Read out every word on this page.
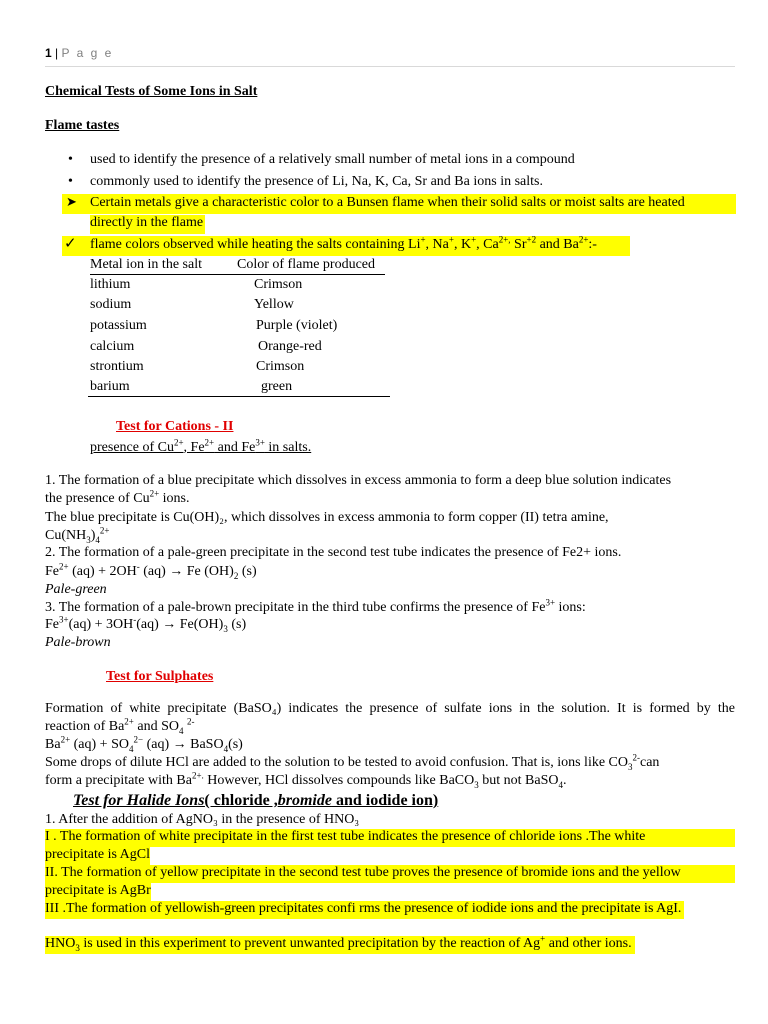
1 | P a g e
Chemical Tests of Some Ions in Salt
Flame tastes
• used to identify the presence of a relatively small number of metal ions in a compound
• commonly used to identify the presence of Li, Na, K, Ca, Sr and Ba ions in salts.
➤ Certain metals give a characteristic color to a Bunsen flame when their solid salts or moist salts are heated
directly in the flame
✓ flame colors observed while heating the salts containing Li+, Na+, K+, $Ca^{2+,}$ $Sr^{+2}$ and $Ba^{2+}:-$
Metal ion in the salt	Color of flame produced
lithium	Crimson
sodium	Yellow
potassium	Purple (violet)
calcium	Orange-red
strontium	Crimson
barium	green
Test for Cations - II
presence of $Cu^{2+}$, $Fe^{2+}$ and $Fe^{3+}$ in salts.
1. The formation of a blue precipitate which dissolves in excess ammonia to form a deep blue solution indicates
the presence of $Cu^{2+}$ ions.
The blue precipitate is Cu(OH)₂, which dissolves in excess ammonia to form copper (II) tetra amine,
$Cu(NH_3)_4^{2+}$
2. The formation of a pale-green precipitate in the second test tube indicates the presence of Fe2+ ions.
$Fe^{2+}$ (aq) + 2OH- (aq) → Fe $(OH)_2$ (s)
Pale-green
3. The formation of a pale-brown precipitate in the third tube confirms the presence of $Fe^{3+}$ ions:
$Fe^{3+}(aq) + 3OH^-(aq) \to Fe(OH)_3$ (s)
Pale-brown
Test for Sulphates
Formation of white precipitate (BaSO₄) indicates the presence of sulfate ions in the solution. It is formed by the
reaction of $Ba^{2+}$ and $SO_4$ $^{2-}$
$Ba^{2+}$ $(aq) + SO_4^{2-}$ (aq) → BaSO$_4$(s)
Some drops of dilute HCl are added to the solution to be tested to avoid confusion. That is, ions like $CO_3^{2-}can$
form a precipitate with $Ba^{2+.}$ However, HCl dissolves compounds like BaCO$_3$ but not BaSO$_4$.
Test for Halide Ions( chloride ,bromide and iodide ion)
1. After the addition of AgNO₃ in the presence of HNO₃
I . The formation of white precipitate in the first test tube indicates the presence of chloride ions .The white
precipitate is AgCl
II. The formation of yellow precipitate in the second test tube proves the presence of bromide ions and the yellow
precipitate is AgBr
III .The formation of yellowish-green precipitates confi rms the presence of iodide ions and the precipitate is AgI.
$HNO_3$ is used in this experiment to prevent unwanted precipitation by the reaction of Ag+ and other ions.
